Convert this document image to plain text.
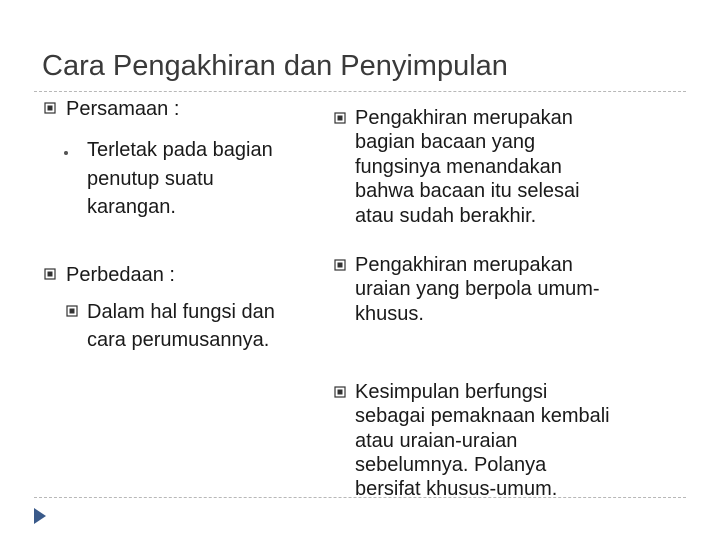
Cara Pengakhiran dan Penyimpulan
Persamaan :
Terletak pada bagian
penutup suatu
karangan.
Perbedaan :
Dalam hal fungsi dan
cara perumusannya.
Pengakhiran merupakan
bagian bacaan yang
fungsinya menandakan
bahwa bacaan itu selesai
atau sudah berakhir.
Pengakhiran merupakan
uraian yang berpola umum-
khusus.
Kesimpulan berfungsi
sebagai pemaknaan kembali
atau uraian-uraian
sebelumnya. Polanya
bersifat khusus-umum.
